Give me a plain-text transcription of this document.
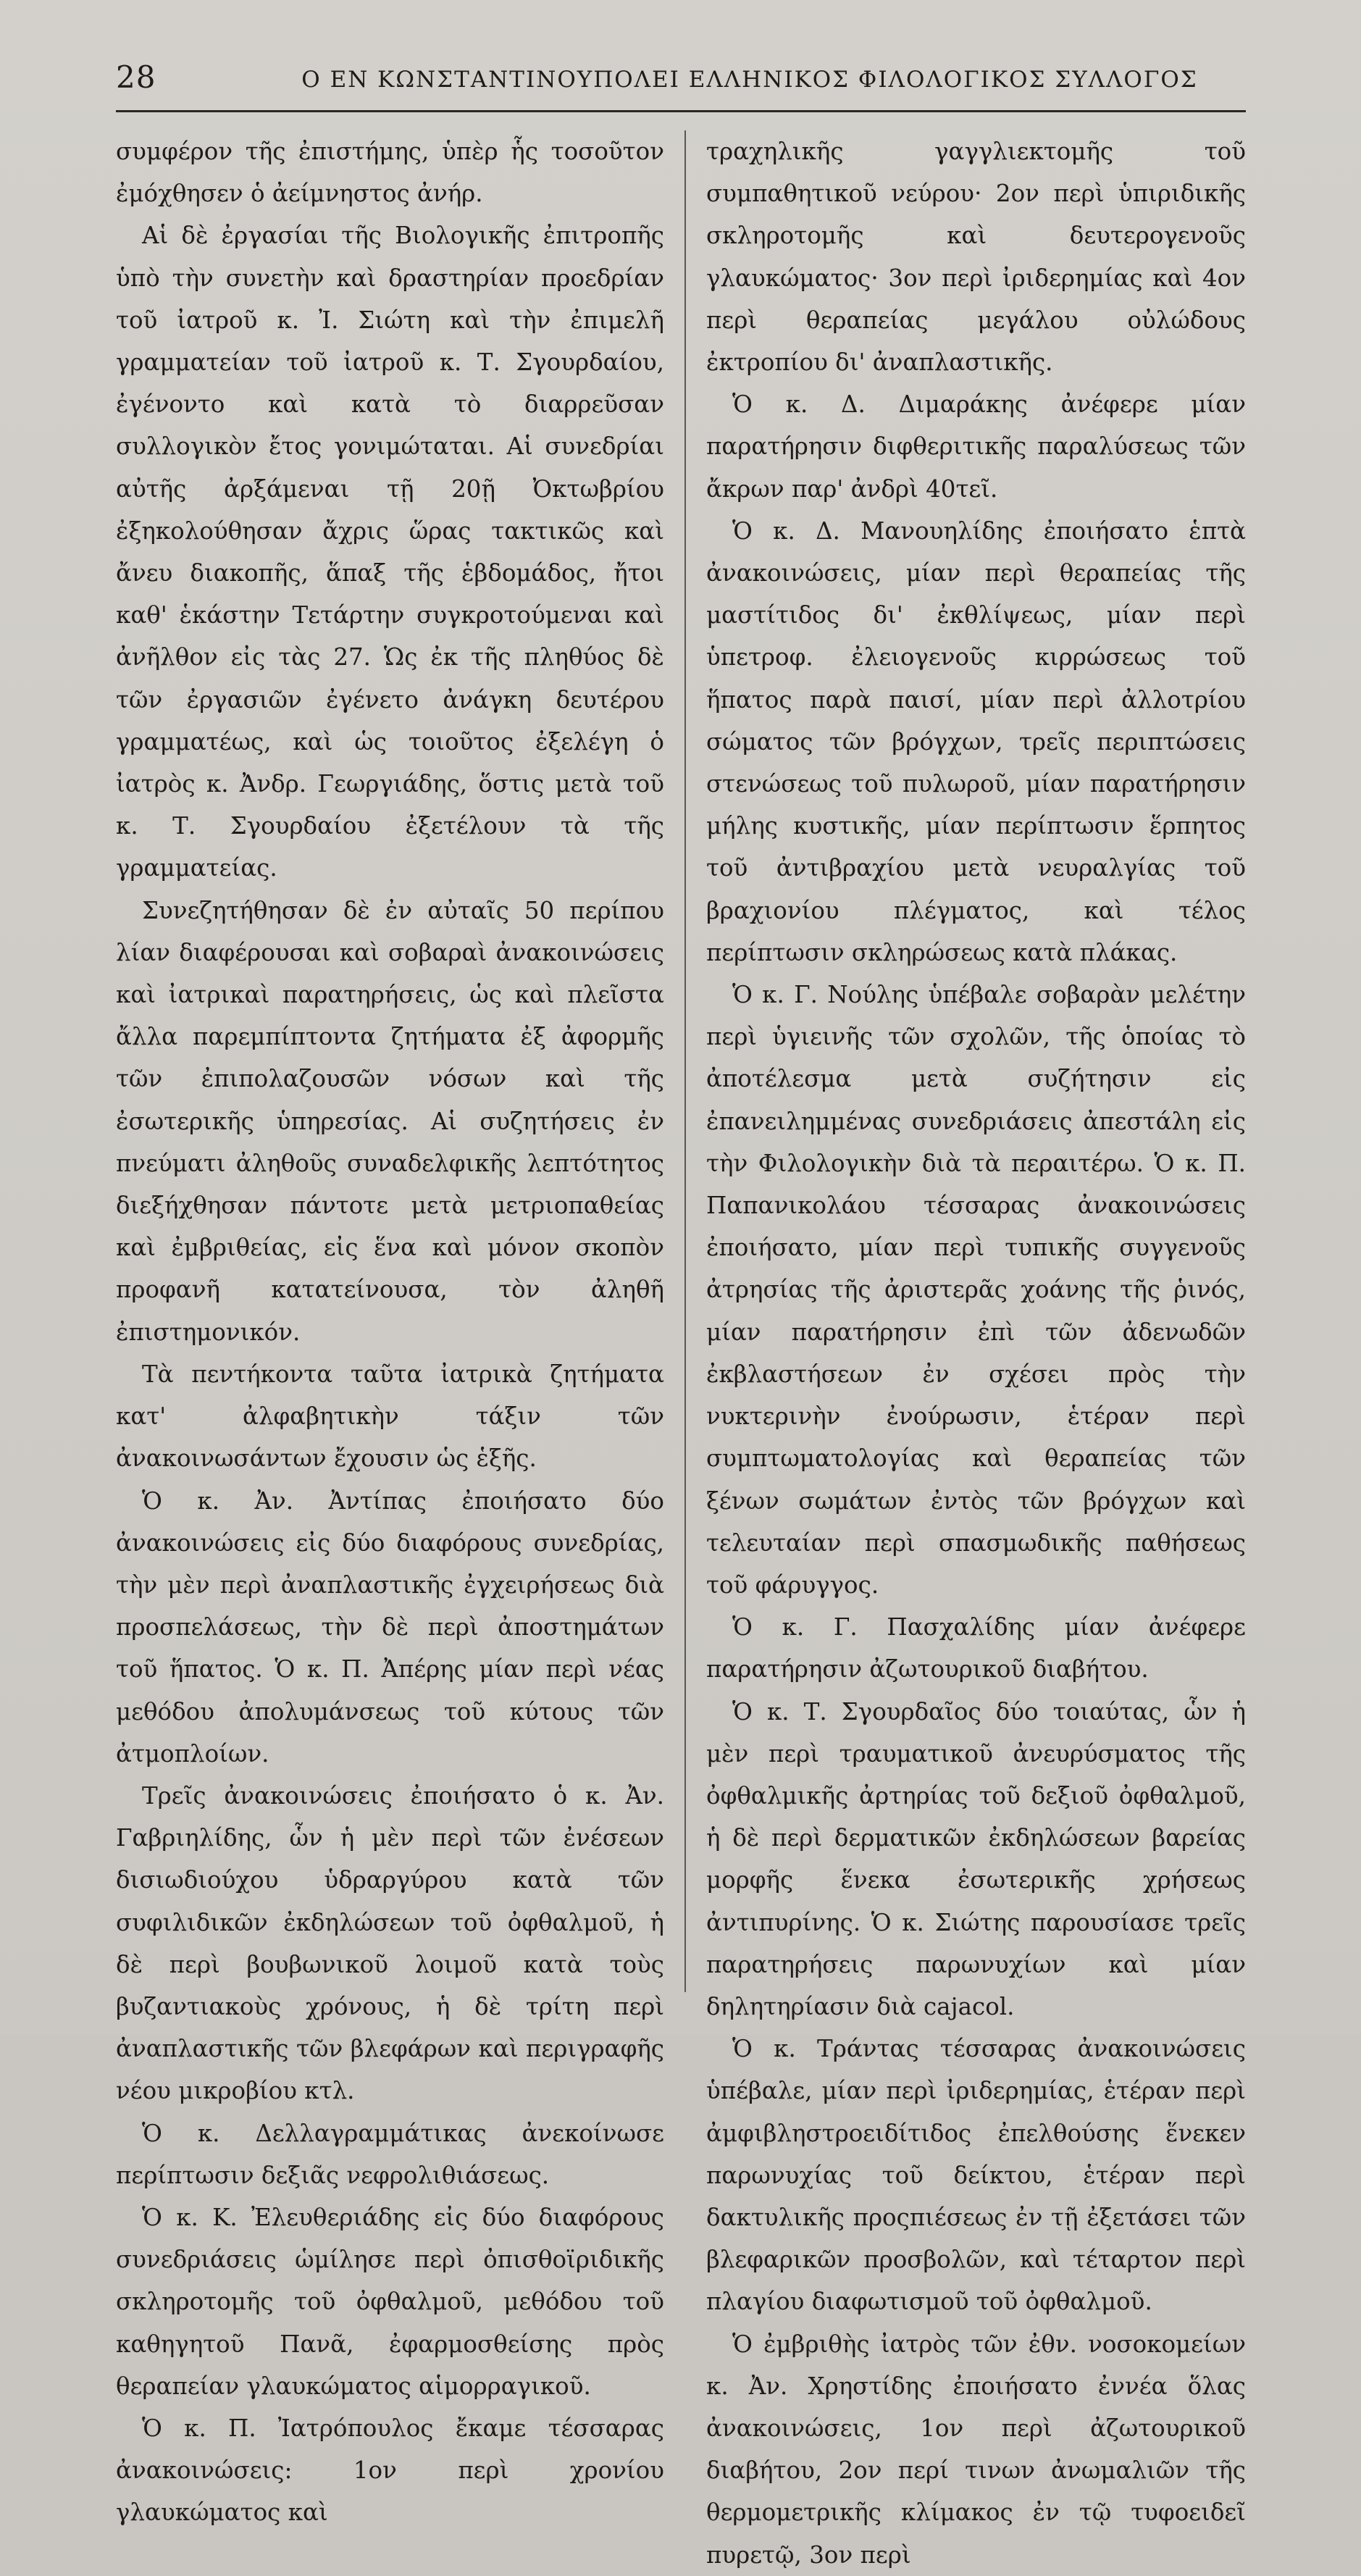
28	Ο ΕΝ ΚΩΝΣΤΑΝΤΙΝΟΥΠΟΛΕΙ ΕΛΛΗΝΙΚΟΣ ΦΙΛΟΛΟΓΙΚΟΣ ΣΥΛΛΟΓΟΣ

συμφέρον τῆς ἐπιστήμης, ὑπὲρ ἧς τοσοῦτον ἐμόχθησεν ὁ ἀείμνηστος ἀνήρ.

Αἱ δὲ ἐργασίαι τῆς Βιολογικῆς ἐπιτροπῆς ὑπὸ τὴν συνετὴν καὶ δραστηρίαν προεδρίαν τοῦ ἰατροῦ κ. Ἰ. Σιώτη καὶ τὴν ἐπιμελῆ γραμματείαν τοῦ ἰατροῦ κ. Τ. Σγουρδαίου, ἐγένοντο καὶ κατὰ τὸ διαρρεῦσαν συλλογικὸν ἔτος γονιμώταται. Αἱ συνεδρίαι αὐτῆς ἀρξάμεναι τῇ 20ῇ Ὀκτωβρίου ἐξηκολούθησαν ἄχρις ὥρας τακτικῶς καὶ ἄνευ διακοπῆς, ἅπαξ τῆς ἑβδομάδος, ἤτοι καθ' ἑκάστην Τετάρτην συγκροτούμεναι καὶ ἀνῆλθον εἰς τὰς 27. Ὡς ἐκ τῆς πληθύος δὲ τῶν ἐργασιῶν ἐγένετο ἀνάγκη δευτέρου γραμματέως, καὶ ὡς τοιοῦτος ἐξελέγη ὁ ἰατρὸς κ. Ἀνδρ. Γεωργιάδης, ὅστις μετὰ τοῦ κ. Τ. Σγουρδαίου ἐξετέλουν τὰ τῆς γραμματείας.

Συνεζητήθησαν δὲ ἐν αὐταῖς 50 περίπου λίαν διαφέρουσαι καὶ σοβαραὶ ἀνακοινώσεις καὶ ἰατρικαὶ παρατηρήσεις, ὡς καὶ πλεῖστα ἄλλα παρεμπίπτοντα ζητήματα ἐξ ἀφορμῆς τῶν ἐπιπολαζουσῶν νόσων καὶ τῆς ἐσωτερικῆς ὑπηρεσίας. Αἱ συζητήσεις ἐν πνεύματι ἀληθοῦς συναδελφικῆς λεπτότητος διεξήχθησαν πάντοτε μετὰ μετριοπαθείας καὶ ἐμβριθείας, εἰς ἕνα καὶ μόνον σκοπὸν προφανῆ κατατείνουσα, τὸν ἀληθῆ ἐπιστημονικόν.

Τὰ πεντήκοντα ταῦτα ἰατρικὰ ζητήματα κατ' ἀλφαβητικὴν τάξιν τῶν ἀνακοινωσάντων ἔχουσιν ὡς ἑξῆς.

Ὁ κ. Ἀν. Ἀντίπας ἐποιήσατο δύο ἀνακοινώσεις εἰς δύο διαφόρους συνεδρίας, τὴν μὲν περὶ ἀναπλαστικῆς ἐγχειρήσεως διὰ προσπελάσεως, τὴν δὲ περὶ ἀποστημάτων τοῦ ἥπατος. Ὁ κ. Π. Ἀπέρης μίαν περὶ νέας μεθόδου ἀπολυμάνσεως τοῦ κύτους τῶν ἀτμοπλοίων.

Τρεῖς ἀνακοινώσεις ἐποιήσατο ὁ κ. Ἀν. Γαβριηλίδης, ὧν ἡ μὲν περὶ τῶν ἐνέσεων δισιωδιούχου ὑδραργύρου κατὰ τῶν συφιλιδικῶν ἐκδηλώσεων τοῦ ὀφθαλμοῦ, ἡ δὲ περὶ βουβωνικοῦ λοιμοῦ κατὰ τοὺς βυζαντιακοὺς χρόνους, ἡ δὲ τρίτη περὶ ἀναπλαστικῆς τῶν βλεφάρων καὶ περιγραφῆς νέου μικροβίου κτλ.

Ὁ κ. Δελλαγραμμάτικας ἀνεκοίνωσε περίπτωσιν δεξιᾶς νεφρολιθιάσεως.

Ὁ κ. Κ. Ἐλευθεριάδης εἰς δύο διαφόρους συνεδριάσεις ὡμίλησε περὶ ὀπισθοϊριδικῆς σκληροτομῆς τοῦ ὀφθαλμοῦ, μεθόδου τοῦ καθηγητοῦ Πανᾶ, ἐφαρμοσθείσης πρὸς θεραπείαν γλαυκώματος αἱμορραγικοῦ.

Ὁ κ. Π. Ἰατρόπουλος ἔκαμε τέσσαρας ἀνακοινώσεις: 1ον περὶ χρονίου γλαυκώματος καὶ

τραχηλικῆς γαγγλιεκτομῆς τοῦ συμπαθητικοῦ νεύρου· 2ον περὶ ὑπιριδικῆς σκληροτομῆς καὶ δευτερογενοῦς γλαυκώματος· 3ον περὶ ἰριδερημίας καὶ 4ον περὶ θεραπείας μεγάλου οὐλώδους ἐκτροπίου δι' ἀναπλαστικῆς.

Ὁ κ. Δ. Διμαράκης ἀνέφερε μίαν παρατήρησιν διφθεριτικῆς παραλύσεως τῶν ἄκρων παρ' ἀνδρὶ 40τεῖ.

Ὁ κ. Δ. Μανουηλίδης ἐποιήσατο ἑπτὰ ἀνακοινώσεις, μίαν περὶ θεραπείας τῆς μαστίτιδος δι' ἐκθλίψεως, μίαν περὶ ὑπετροφ. ἐλειογενοῦς κιρρώσεως τοῦ ἥπατος παρὰ παισί, μίαν περὶ ἀλλοτρίου σώματος τῶν βρόγχων, τρεῖς περιπτώσεις στενώσεως τοῦ πυλωροῦ, μίαν παρατήρησιν μήλης κυστικῆς, μίαν περίπτωσιν ἕρπητος τοῦ ἀντιβραχίου μετὰ νευραλγίας τοῦ βραχιονίου πλέγματος, καὶ τέλος περίπτωσιν σκληρώσεως κατὰ πλάκας.

Ὁ κ. Γ. Νούλης ὑπέβαλε σοβαρὰν μελέτην περὶ ὑγιεινῆς τῶν σχολῶν, τῆς ὁποίας τὸ ἀποτέλεσμα μετὰ συζήτησιν εἰς ἐπανειλημμένας συνεδριάσεις ἀπεστάλη εἰς τὴν Φιλολογικὴν διὰ τὰ περαιτέρω. Ὁ κ. Π. Παπανικολάου τέσσαρας ἀνακοινώσεις ἐποιήσατο, μίαν περὶ τυπικῆς συγγενοῦς ἀτρησίας τῆς ἀριστερᾶς χοάνης τῆς ῥινός, μίαν παρατήρησιν ἐπὶ τῶν ἀδενωδῶν ἐκβλαστήσεων ἐν σχέσει πρὸς τὴν νυκτερινὴν ἐνούρωσιν, ἑτέραν περὶ συμπτωματολογίας καὶ θεραπείας τῶν ξένων σωμάτων ἐντὸς τῶν βρόγχων καὶ τελευταίαν περὶ σπασμωδικῆς παθήσεως τοῦ φάρυγγος.

Ὁ κ. Γ. Πασχαλίδης μίαν ἀνέφερε παρατήρησιν ἀζωτουρικοῦ διαβήτου.

Ὁ κ. Τ. Σγουρδαῖος δύο τοιαύτας, ὧν ἡ μὲν περὶ τραυματικοῦ ἀνευρύσματος τῆς ὀφθαλμικῆς ἀρτηρίας τοῦ δεξιοῦ ὀφθαλμοῦ, ἡ δὲ περὶ δερματικῶν ἐκδηλώσεων βαρείας μορφῆς ἕνεκα ἐσωτερικῆς χρήσεως ἀντιπυρίνης. Ὁ κ. Σιώτης παρουσίασε τρεῖς παρατηρήσεις παρωνυχίων καὶ μίαν δηλητηρίασιν διὰ cajacol.

Ὁ κ. Τράντας τέσσαρας ἀνακοινώσεις ὑπέβαλε, μίαν περὶ ἰριδερημίας, ἑτέραν περὶ ἀμφιβληστροειδίτιδος ἐπελθούσης ἕνεκεν παρωνυχίας τοῦ δείκτου, ἑτέραν περὶ δακτυλικῆς προςπιέσεως ἐν τῇ ἐξετάσει τῶν βλεφαρικῶν προσβολῶν, καὶ τέταρτον περὶ πλαγίου διαφωτισμοῦ τοῦ ὀφθαλμοῦ.

Ὁ ἐμβριθὴς ἰατρὸς τῶν ἐθν. νοσοκομείων κ. Ἀν. Χρηστίδης ἐποιήσατο ἐννέα ὅλας ἀνακοινώσεις, 1ον περὶ ἀζωτουρικοῦ διαβήτου, 2ον περί τινων ἀνωμαλιῶν τῆς θερμομετρικῆς κλίμακος ἐν τῷ τυφοειδεῖ πυρετῷ, 3ον περὶ
